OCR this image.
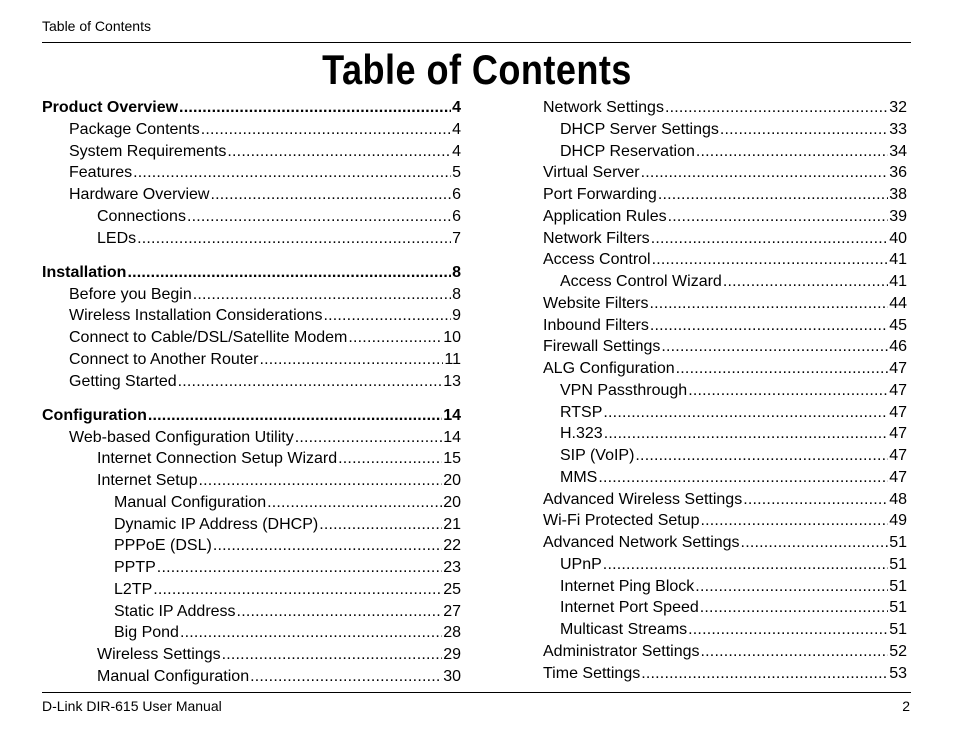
Table of Contents
Table of Contents
Product Overview .....	4
Package Contents .....	4
System Requirements .....	4
Features .....	5
Hardware Overview .....	6
Connections .....	6
LEDs .....	7
Installation .....	8
Before you Begin .....	8
Wireless Installation Considerations .....	9
Connect to Cable/DSL/Satellite Modem .....	10
Connect to Another Router .....	11
Getting Started .....	13
Configuration .....	14
Web-based Configuration Utility .....	14
Internet Connection Setup Wizard .....	15
Internet Setup .....	20
Manual Configuration .....	20
Dynamic IP Address (DHCP) .....	21
PPPoE (DSL) .....	22
PPTP .....	23
L2TP .....	25
Static IP Address .....	27
Big Pond .....	28
Wireless Settings .....	29
Manual Configuration .....	30
Network Settings .....	32
DHCP Server Settings .....	33
DHCP Reservation .....	34
Virtual Server .....	36
Port Forwarding .....	38
Application Rules .....	39
Network Filters .....	40
Access Control .....	41
Access Control Wizard .....	41
Website Filters .....	44
Inbound Filters .....	45
Firewall Settings .....	46
ALG Configuration .....	47
VPN Passthrough .....	47
RTSP .....	47
H.323 .....	47
SIP (VoIP) .....	47
MMS .....	47
Advanced Wireless Settings .....	48
Wi-Fi Protected Setup .....	49
Advanced Network Settings .....	51
UPnP .....	51
Internet Ping Block .....	51
Internet Port Speed .....	51
Multicast Streams .....	51
Administrator Settings .....	52
Time Settings .....	53
D-Link DIR-615 User Manual	2
